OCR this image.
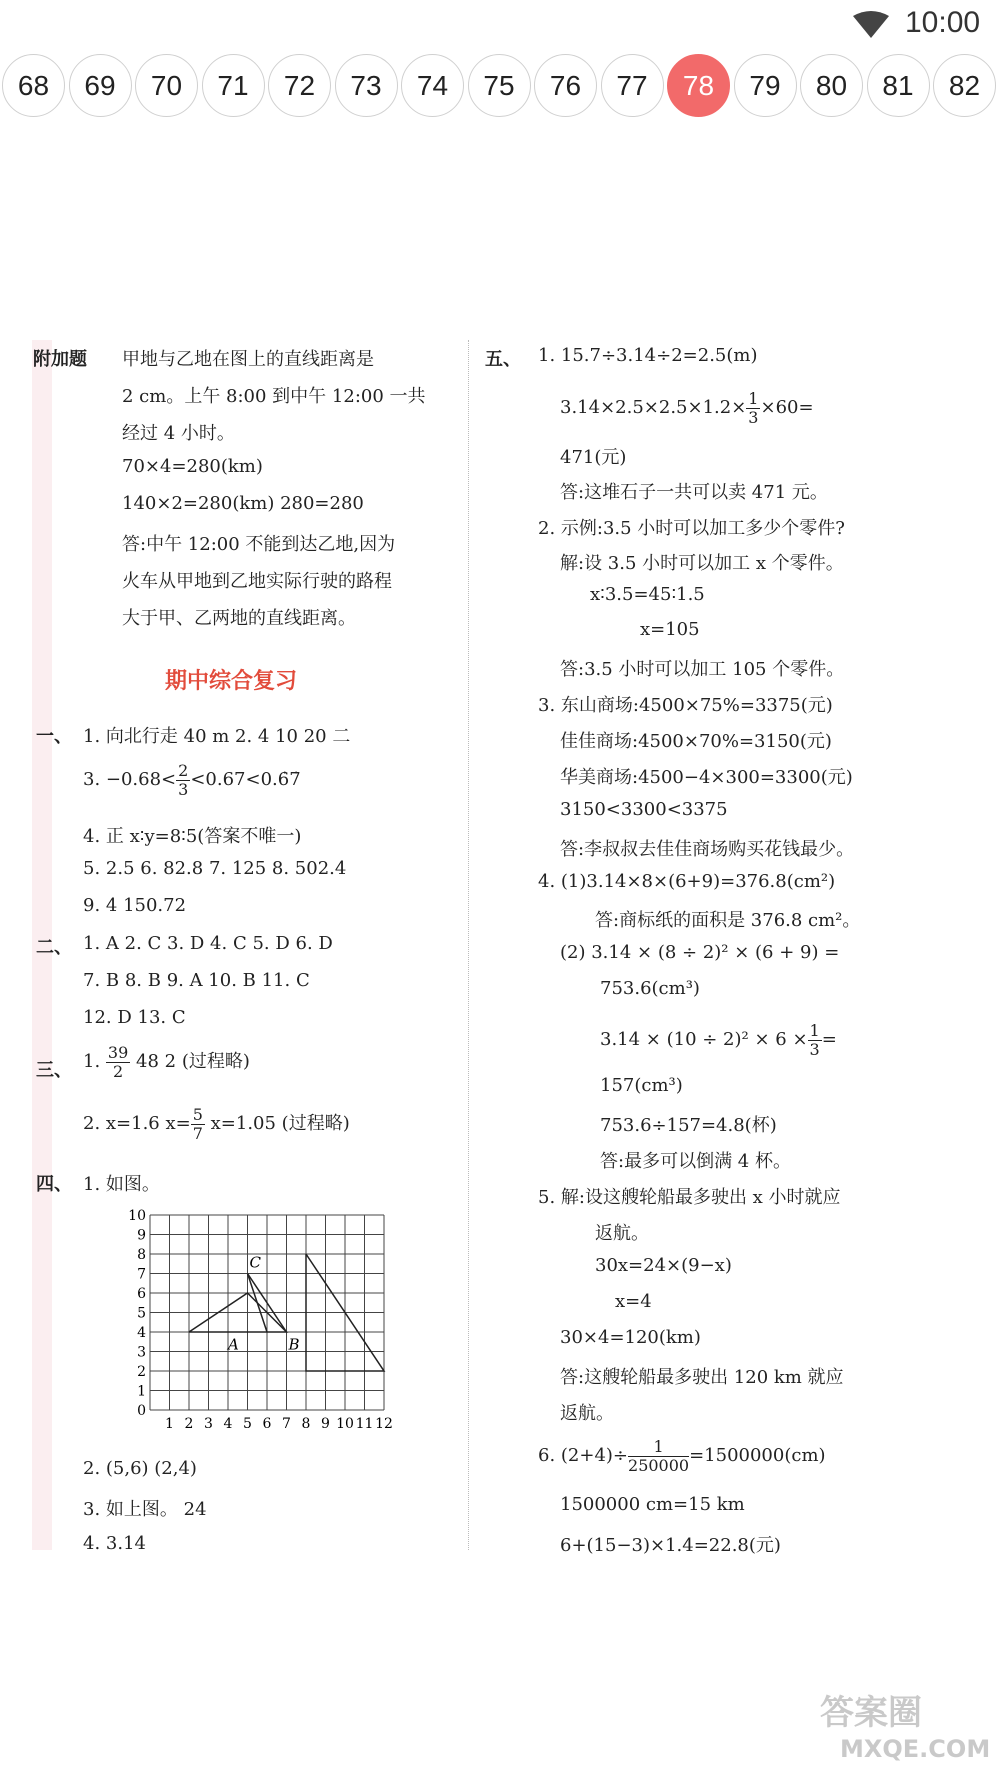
10:00
68	69	70	71	72	73	74	75	76	77	78	79	80	81	82
附加题 甲地与乙地在图上的直线距离是
2 cm。上午 8:00 到中午 12:00 一共
经过 4 小时。
70×4=280(km)
140×2=280(km) 280=280
答:中午 12:00 不能到达乙地,因为
火车从甲地到乙地实际行驶的路程
大于甲、乙两地的直线距离。
期中综合复习
一、 1. 向北行走 40 m 2. 4 10 20 二
3. $-0.68< \frac{2}{3}$ <0.67<0.6̇7̇
4. 正 x∶y=8∶5(答案不唯一)
5. 2.5 6. 82.8 7. 125 8. 502.4
9. 4 150.72
二、 1. A 2. C 3. D 4. C 5. D 6. D
7. B 8. B 9. A 10. B 11. C
12. D 13. C
三、 1. $\frac{39}{2} 48$ 2 (过程略)
2. x=1.6 $x= \frac{5}{7} x=1.05$ (过程略)
四、 1. 如图。
1 2 3 4 5 6 7 8 9 10 11 12
0
1
2
3
4
5
6
7
8
9
10
C
A	B
2. (5,6) (2,4)
3. 如上图。 24
4. 3.14
五、 1. 15.7÷3.14÷2=2.5(m)
$3.14\times 2.5\times 2.5\times 1.2\times \frac{1}{3} \times 60=$
471(元)
答:这堆石子一共可以卖 471 元。
2. 示例:3.5 小时可以加工多少个零件?
解:设 3.5 小时可以加工 x 个零件。
x∶3.5=45∶1.5
x=105
答:3.5 小时可以加工 105 个零件。
3. 东山商场:4500×75%=3375(元)
佳佳商场:4500×70%=3150(元)
华美商场:4500−4×300=3300(元)
3150<3300<3375
答:李叔叔去佳佳商场购买花钱最少。
4. (1)3.14×8×(6+9)=376.8(cm²)
答:商标纸的面积是 376.8 cm²。
(2) 3.14 × (8 ÷ 2)² × (6 + 9) =
753.6(cm³)
$3.14 \times (10 \div 2)^2 \times 6 \times \frac{1}{3}$ =
157(cm³)
753.6÷157=4.8(杯)
答:最多可以倒满 4 杯。
5. 解:设这艘轮船最多驶出 x 小时就应
返航。
30x=24×(9−x)
x=4
30×4=120(km)
答:这艘轮船最多驶出 120 km 就应
返航。
6. $(2+4)\div \frac{1}{250000} =1500000(cm)$
1500000 cm=15 km
6+(15−3)×1.4=22.8(元)
答案圈
MXQE.COM
